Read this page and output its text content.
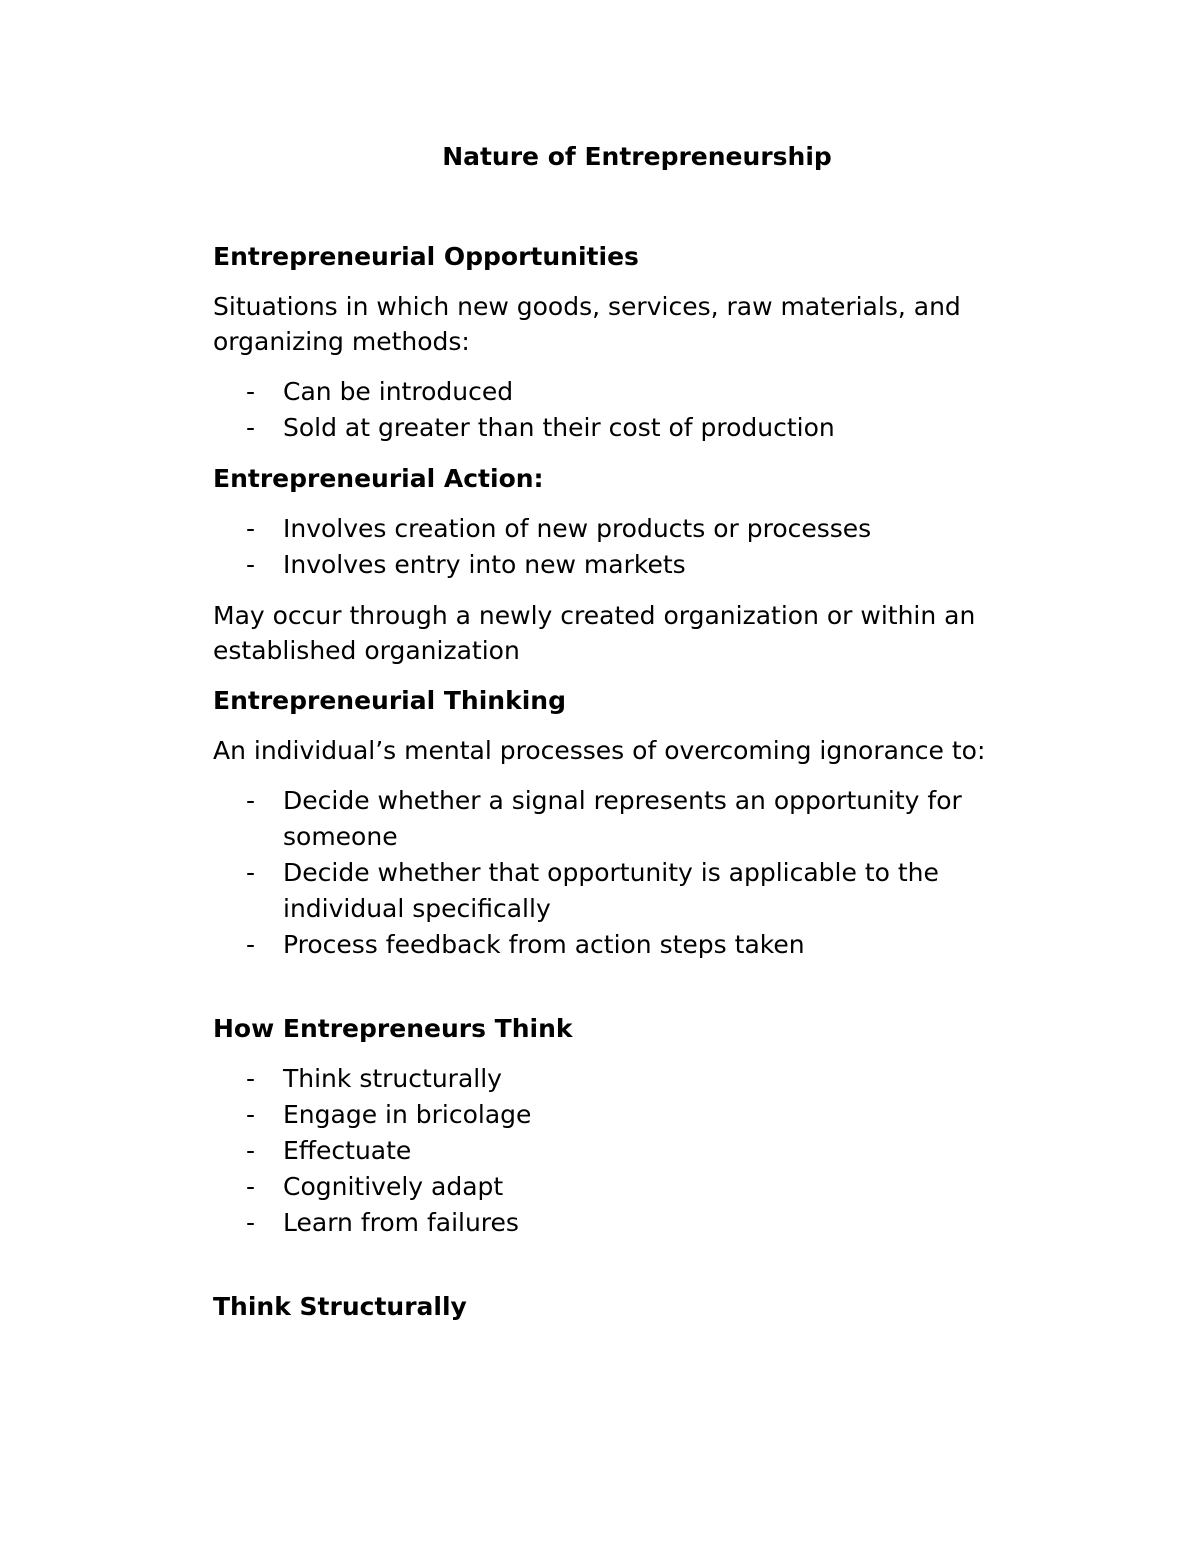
Nature of Entrepreneurship
Entrepreneurial Opportunities
Situations in which new goods, services, raw materials, and organizing methods:
- Can be introduced
- Sold at greater than their cost of production
Entrepreneurial Action:
- Involves creation of new products or processes
- Involves entry into new markets
May occur through a newly created organization or within an established organization
Entrepreneurial Thinking
An individual’s mental processes of overcoming ignorance to:
- Decide whether a signal represents an opportunity for someone
- Decide whether that opportunity is applicable to the individual specifically
- Process feedback from action steps taken
How Entrepreneurs Think
- Think structurally
- Engage in bricolage
- Effectuate
- Cognitively adapt
- Learn from failures
Think Structurally
